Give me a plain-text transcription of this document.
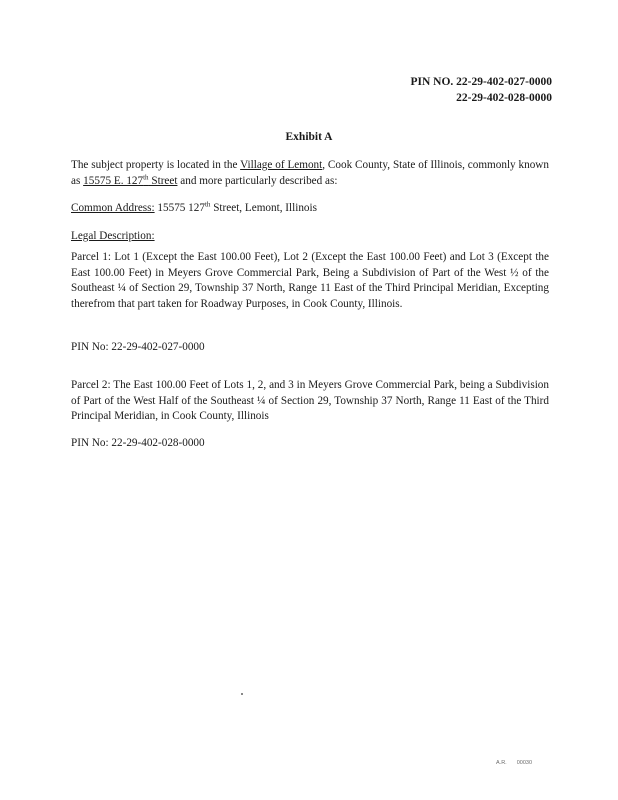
PIN NO. 22-29-402-027-0000
22-29-402-028-0000
Exhibit A
The subject property is located in the Village of Lemont, Cook County, State of Illinois, commonly known as 15575 E. 127th Street and more particularly described as:
Common Address: 15575 127th Street, Lemont, Illinois
Legal Description:
Parcel 1: Lot 1 (Except the East 100.00 Feet), Lot 2 (Except the East 100.00 Feet) and Lot 3 (Except the East 100.00 Feet) in Meyers Grove Commercial Park, Being a Subdivision of Part of the West ½ of the Southeast ¼ of Section 29, Township 37 North, Range 11 East of the Third Principal Meridian, Excepting therefrom that part taken for Roadway Purposes, in Cook County, Illinois.
PIN No: 22-29-402-027-0000
Parcel 2: The East 100.00 Feet of Lots 1, 2, and 3 in Meyers Grove Commercial Park, being a Subdivision of Part of the West Half of the Southeast ¼ of Section 29, Township 37 North, Range 11 East of the Third Principal Meridian, in Cook County, Illinois
PIN No: 22-29-402-028-0000
A.R. 00030
